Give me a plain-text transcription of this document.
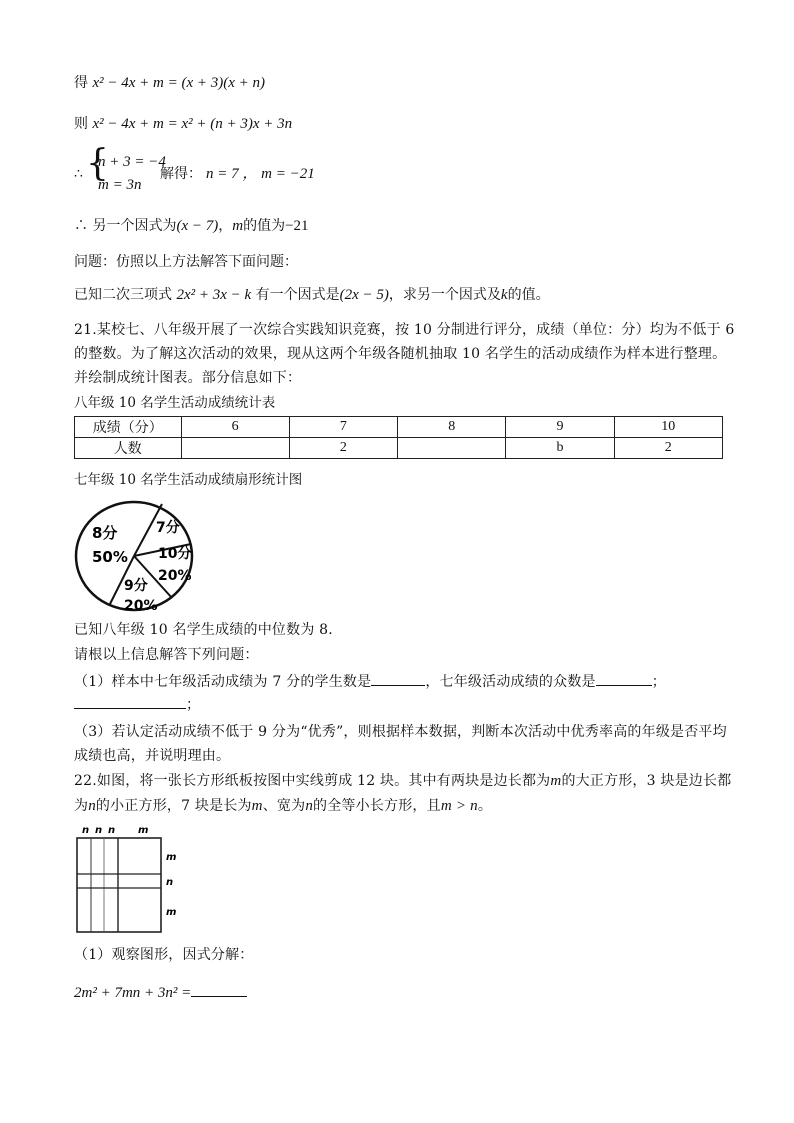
得 x² − 4x + m = (x + 3)(x + n)
则 x² − 4x + m = x² + (n + 3)x + 3n
∴ {
n + 3 = −4
m = 3n
解得： n = 7 ， m = −21
∴ 另一个因式为(x − 7)，m的值为−21
问题：仿照以上方法解答下面问题：
已知二次三项式 2x² + 3x − k 有一个因式是(2x − 5)，求另一个因式及k的值。
21.某校七、八年级开展了一次综合实践知识竞赛，按 10 分制进行评分，成绩（单位：分）均为不低于 6
的整数。为了解这次活动的效果，现从这两个年级各随机抽取 10 名学生的活动成绩作为样本进行整理。
并绘制成统计图表。部分信息如下：
八年级 10 名学生活动成绩统计表
成绩（分）	6	7	8	9	10
人数		2		b	2
七年级 10 名学生活动成绩扇形统计图
8分
50%
7分
10分
20%
9分
20%
已知八年级 10 名学生成绩的中位数为 8.
请根以上信息解答下列问题：
（1）样本中七年级活动成绩为 7 分的学生数是	，七年级活动成绩的众数是	；
；
（3）若认定活动成绩不低于 9 分为“优秀”，则根据样本数据，判断本次活动中优秀率高的年级是否平均
成绩也高，并说明理由。
22.如图，将一张长方形纸板按图中实线剪成 12 块。其中有两块是边长都为m的大正方形，3 块是边长都
为n的小正方形，7 块是长为m、宽为n的全等小长方形，且m > n。
n n n m
m
n
m
（1）观察图形，因式分解：
2m² + 7mn + 3n² =
